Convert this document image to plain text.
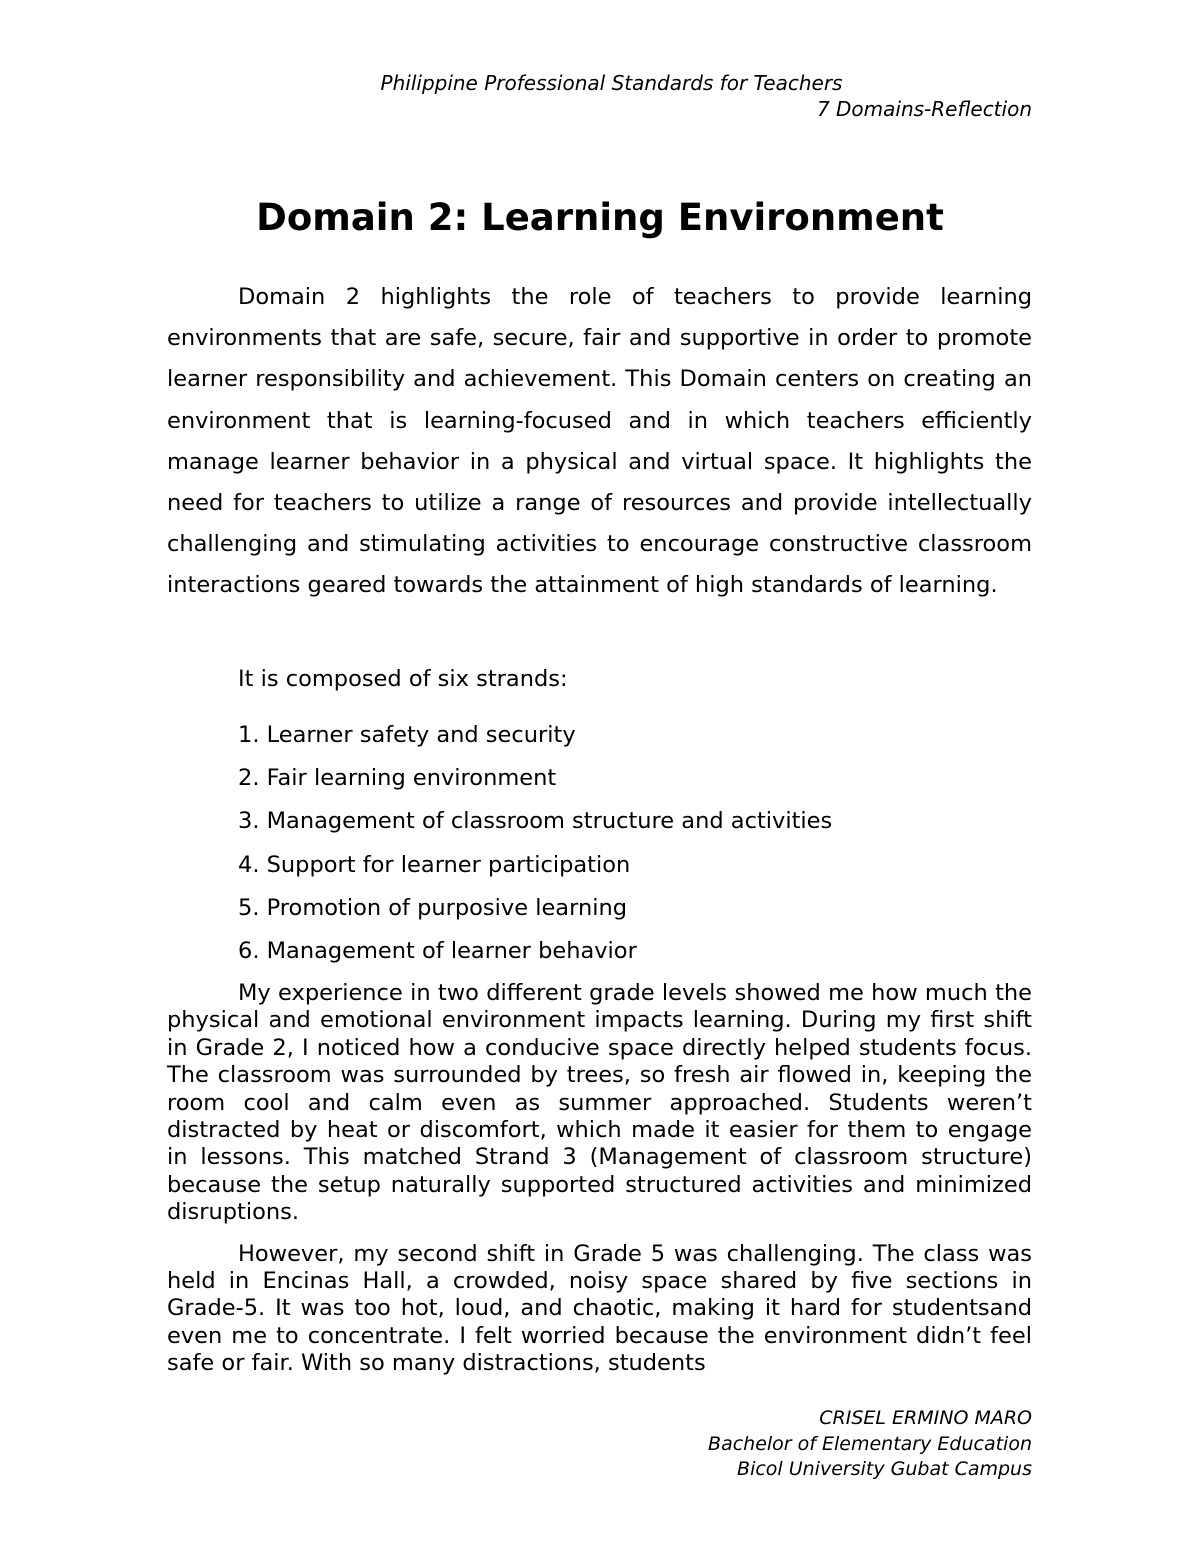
Philippine Professional Standards for Teachers
7 Domains-Reflection
Domain 2: Learning Environment

Domain 2 highlights the role of teachers to provide learning environments that are safe, secure, fair and supportive in order to promote learner responsibility and achievement. This Domain centers on creating an environment that is learning-focused and in which teachers efficiently manage learner behavior in a physical and virtual space. It highlights the need for teachers to utilize a range of resources and provide intellectually challenging and stimulating activities to encourage constructive classroom interactions geared towards the attainment of high standards of learning.

It is composed of six strands:
1. Learner safety and security
2. Fair learning environment
3. Management of classroom structure and activities
4. Support for learner participation
5. Promotion of purposive learning
6. Management of learner behavior

My experience in two different grade levels showed me how much the physical and emotional environment impacts learning. During my first shift in Grade 2, I noticed how a conducive space directly helped students focus. The classroom was surrounded by trees, so fresh air flowed in, keeping the room cool and calm even as summer approached. Students weren’t distracted by heat or discomfort, which made it easier for them to engage in lessons. This matched Strand 3 (Management of classroom structure) because the setup naturally supported structured activities and minimized disruptions.

However, my second shift in Grade 5 was challenging. The class was held in Encinas Hall, a crowded, noisy space shared by five sections in Grade-5. It was too hot, loud, and chaotic, making it hard for studentsand even me to concentrate. I felt worried because the environment didn’t feel safe or fair. With so many distractions, students

CRISEL ERMINO MARO
Bachelor of Elementary Education
Bicol University Gubat Campus
